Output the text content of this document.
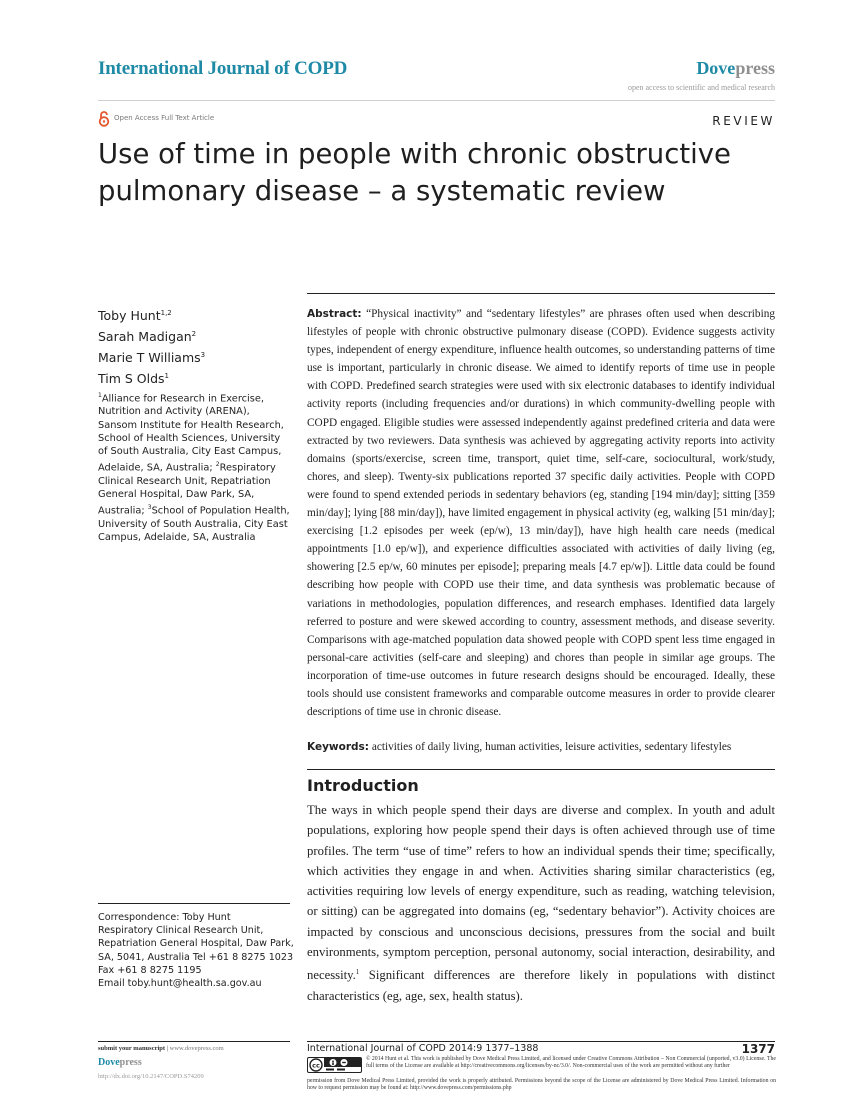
International Journal of COPD	Dovepress
open access to scientific and medical research
Open Access Full Text Article	REVIEW
Use of time in people with chronic obstructive pulmonary disease – a systematic review
Toby Hunt$^{1,2}$
Sarah Madigan$^2$
Marie T Williams$^3$
Tim S Olds$^1$
$^1$Alliance for Research in Exercise, Nutrition and Activity (ARENA), Sansom Institute for Health Research, School of Health Sciences, University of South Australia, City East Campus, Adelaide, SA, Australia; $^2$Respiratory Clinical Research Unit, Repatriation General Hospital, Daw Park, SA, Australia; $^3$School of Population Health, University of South Australia, City East Campus, Adelaide, SA, Australia
Abstract: “Physical inactivity” and “sedentary lifestyles” are phrases often used when describing lifestyles of people with chronic obstructive pulmonary disease (COPD). Evidence suggests activity types, independent of energy expenditure, influence health outcomes, so understanding patterns of time use is important, particularly in chronic disease. We aimed to identify reports of time use in people with COPD. Predefined search strategies were used with six electronic databases to identify individual activity reports (including frequencies and/or durations) in which community-dwelling people with COPD engaged. Eligible studies were assessed independently against predefined criteria and data were extracted by two reviewers. Data synthesis was achieved by aggregating activity reports into activity domains (sports/exercise, screen time, transport, quiet time, self-care, sociocultural, work/study, chores, and sleep). Twenty-six publications reported 37 specific daily activities. People with COPD were found to spend extended periods in sedentary behaviors (eg, standing [194 min/day]; sitting [359 min/day]; lying [88 min/day]), have limited engagement in physical activity (eg, walking [51 min/day]; exercising [1.2 episodes per week (ep/w), 13 min/day]), have high health care needs (medical appointments [1.0 ep/w]), and experience difficulties associated with activities of daily living (eg, showering [2.5 ep/w, 60 minutes per episode]; preparing meals [4.7 ep/w]). Little data could be found describing how people with COPD use their time, and data synthesis was problematic because of variations in methodologies, population differences, and research emphases. Identified data largely referred to posture and were skewed according to country, assessment methods, and disease severity. Comparisons with age-matched population data showed people with COPD spent less time engaged in personal-care activities (self-care and sleeping) and chores than people in similar age groups. The incorporation of time-use outcomes in future research designs should be encouraged. Ideally, these tools should use consistent frameworks and comparable outcome measures in order to provide clearer descriptions of time use in chronic disease.
Keywords: activities of daily living, human activities, leisure activities, sedentary lifestyles
Introduction
The ways in which people spend their days are diverse and complex. In youth and adult populations, exploring how people spend their days is often achieved through use of time profiles. The term “use of time” refers to how an individual spends their time; specifically, which activities they engage in and when. Activities sharing similar characteristics (eg, activities requiring low levels of energy expenditure, such as reading, watching television, or sitting) can be aggregated into domains (eg, “sedentary behavior”). Activity choices are impacted by conscious and unconscious decisions, pressures from the social and built environments, symptom perception, personal autonomy, social interaction, desirability, and necessity.$^1$ Significant differences are therefore likely in populations with distinct characteristics (eg, age, sex, health status).
Correspondence: Toby Hunt
Respiratory Clinical Research Unit,
Repatriation General Hospital, Daw Park,
SA, 5041, Australia Tel +61 8 8275 1023
Fax +61 8 8275 1195
Email toby.hunt@health.sa.gov.au
submit your manuscript | www.dovepress.com
Dovepress
http://dx.doi.org/10.2147/COPD.S74209
International Journal of COPD 2014:9 1377–1388	1377
cc
© 2014 Hunt et al. This work is published by Dove Medical Press Limited, and licensed under Creative Commons Attribution – Non Commercial (unported, v3.0) License. The full terms of the License are available at http://creativecommons.org/licenses/by-nc/3.0/. Non-commercial uses of the work are permitted without any further
permission from Dove Medical Press Limited, provided the work is properly attributed. Permissions beyond the scope of the License are administered by Dove Medical Press Limited. Information on how to request permission may be found at: http://www.dovepress.com/permissions.php
